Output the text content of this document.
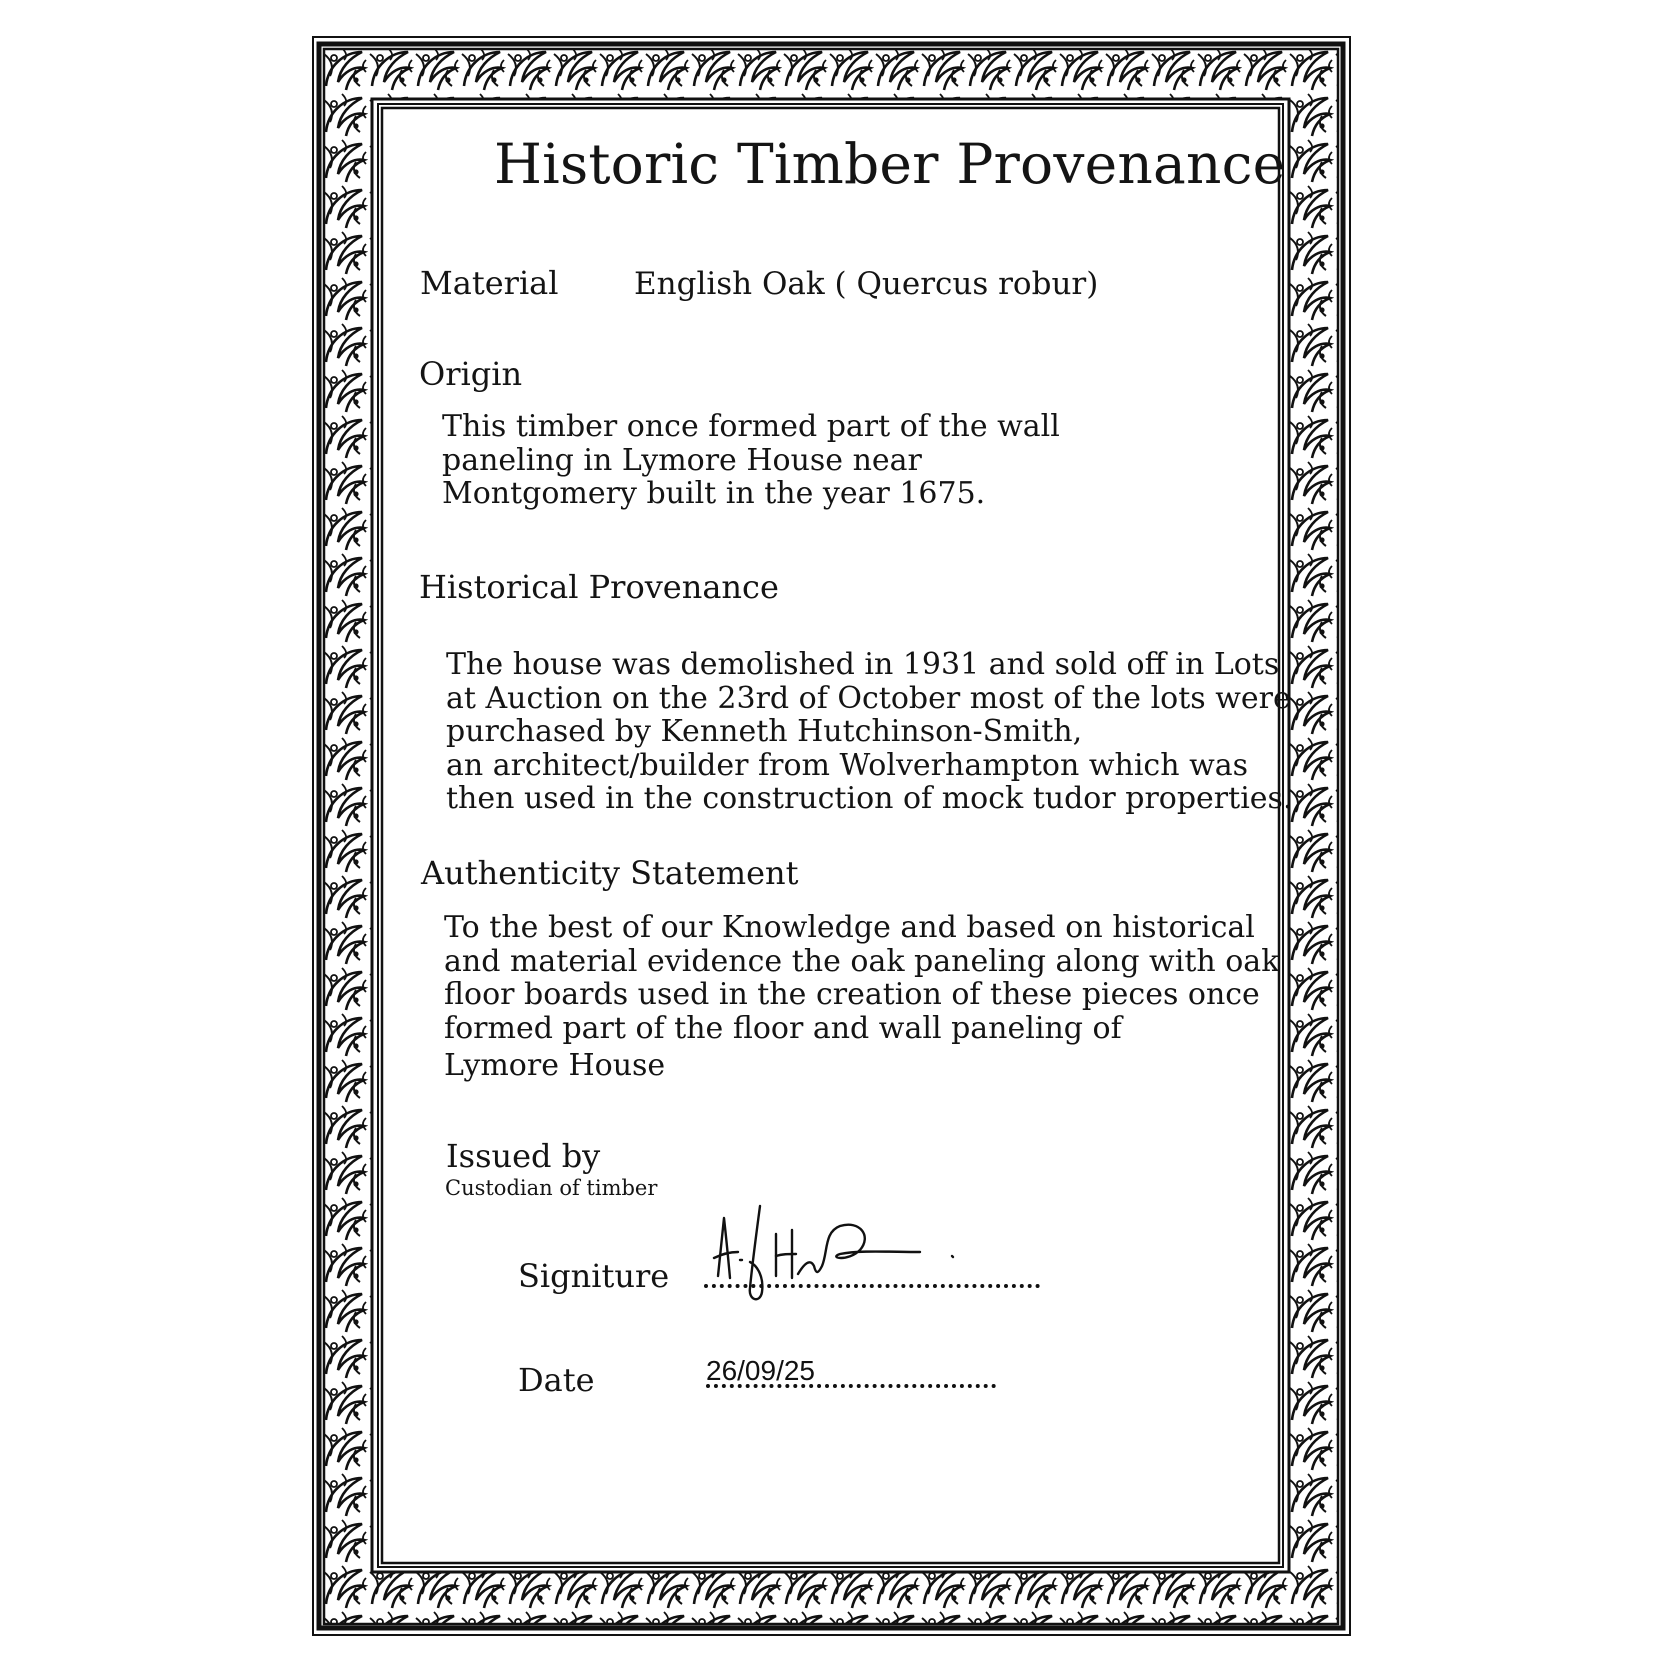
Historic Timber Provenance
Material English Oak ( Quercus robur)
Origin
This timber once formed part of the wall
paneling in Lymore House near
Montgomery built in the year 1675.
Historical Provenance
The house was demolished in 1931 and sold off in Lots
at Auction on the 23rd of October most of the lots were
purchased by Kenneth Hutchinson-Smith,
an architect/builder from Wolverhampton which was
then used in the construction of mock tudor properties.
Authenticity Statement
To the best of our Knowledge and based on historical
and material evidence the oak paneling along with oak
floor boards used in the creation of these pieces once
formed part of the floor and wall paneling of
Lymore House
Issued by
Custodian of timber
Signiture
Date	26/09/25
